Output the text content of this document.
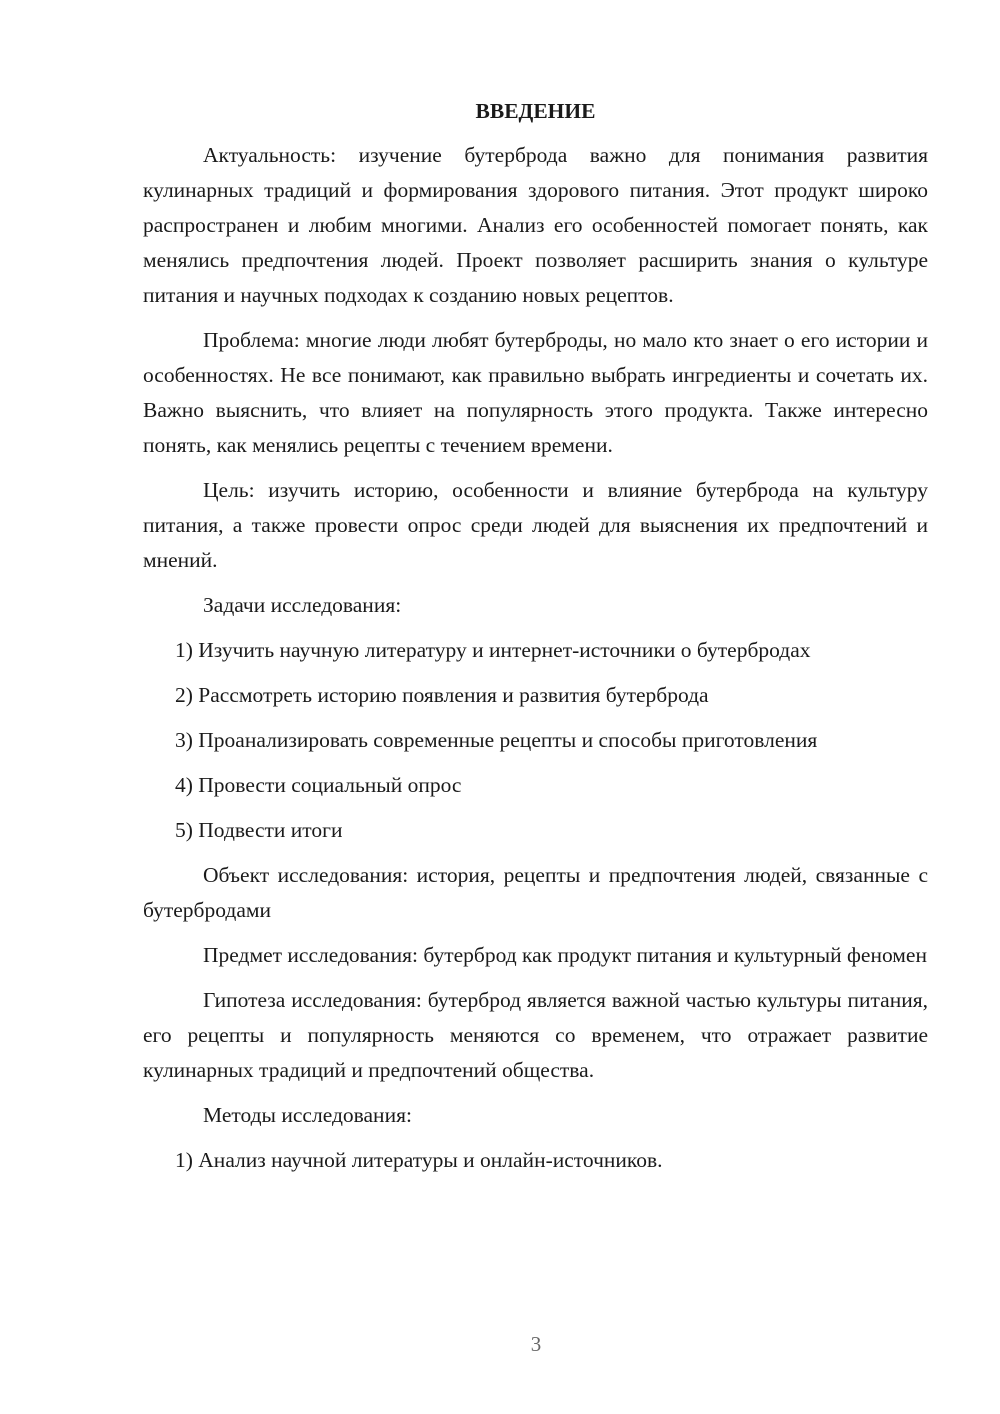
ВВЕДЕНИЕ

Актуальность: изучение бутерброда важно для понимания развития кулинарных традиций и формирования здорового питания. Этот продукт широко распространен и любим многими. Анализ его особенностей помогает понять, как менялись предпочтения людей. Проект позволяет расширить знания о культуре питания и научных подходах к созданию новых рецептов.

Проблема: многие люди любят бутерброды, но мало кто знает о его истории и особенностях. Не все понимают, как правильно выбрать ингредиенты и сочетать их. Важно выяснить, что влияет на популярность этого продукта. Также интересно понять, как менялись рецепты с течением времени.

Цель: изучить историю, особенности и влияние бутерброда на культуру питания, а также провести опрос среди людей для выяснения их предпочтений и мнений.

Задачи исследования:

1) Изучить научную литературу и интернет-источники о бутербродах
2) Рассмотреть историю появления и развития бутерброда
3) Проанализировать современные рецепты и способы приготовления
4) Провести социальный опрос
5) Подвести итоги

Объект исследования: история, рецепты и предпочтения людей, связанные с бутербродами

Предмет исследования: бутерброд как продукт питания и культурный феномен

Гипотеза исследования: бутерброд является важной частью культуры питания, его рецепты и популярность меняются со временем, что отражает развитие кулинарных традиций и предпочтений общества.

Методы исследования:

1) Анализ научной литературы и онлайн-источников.
3
